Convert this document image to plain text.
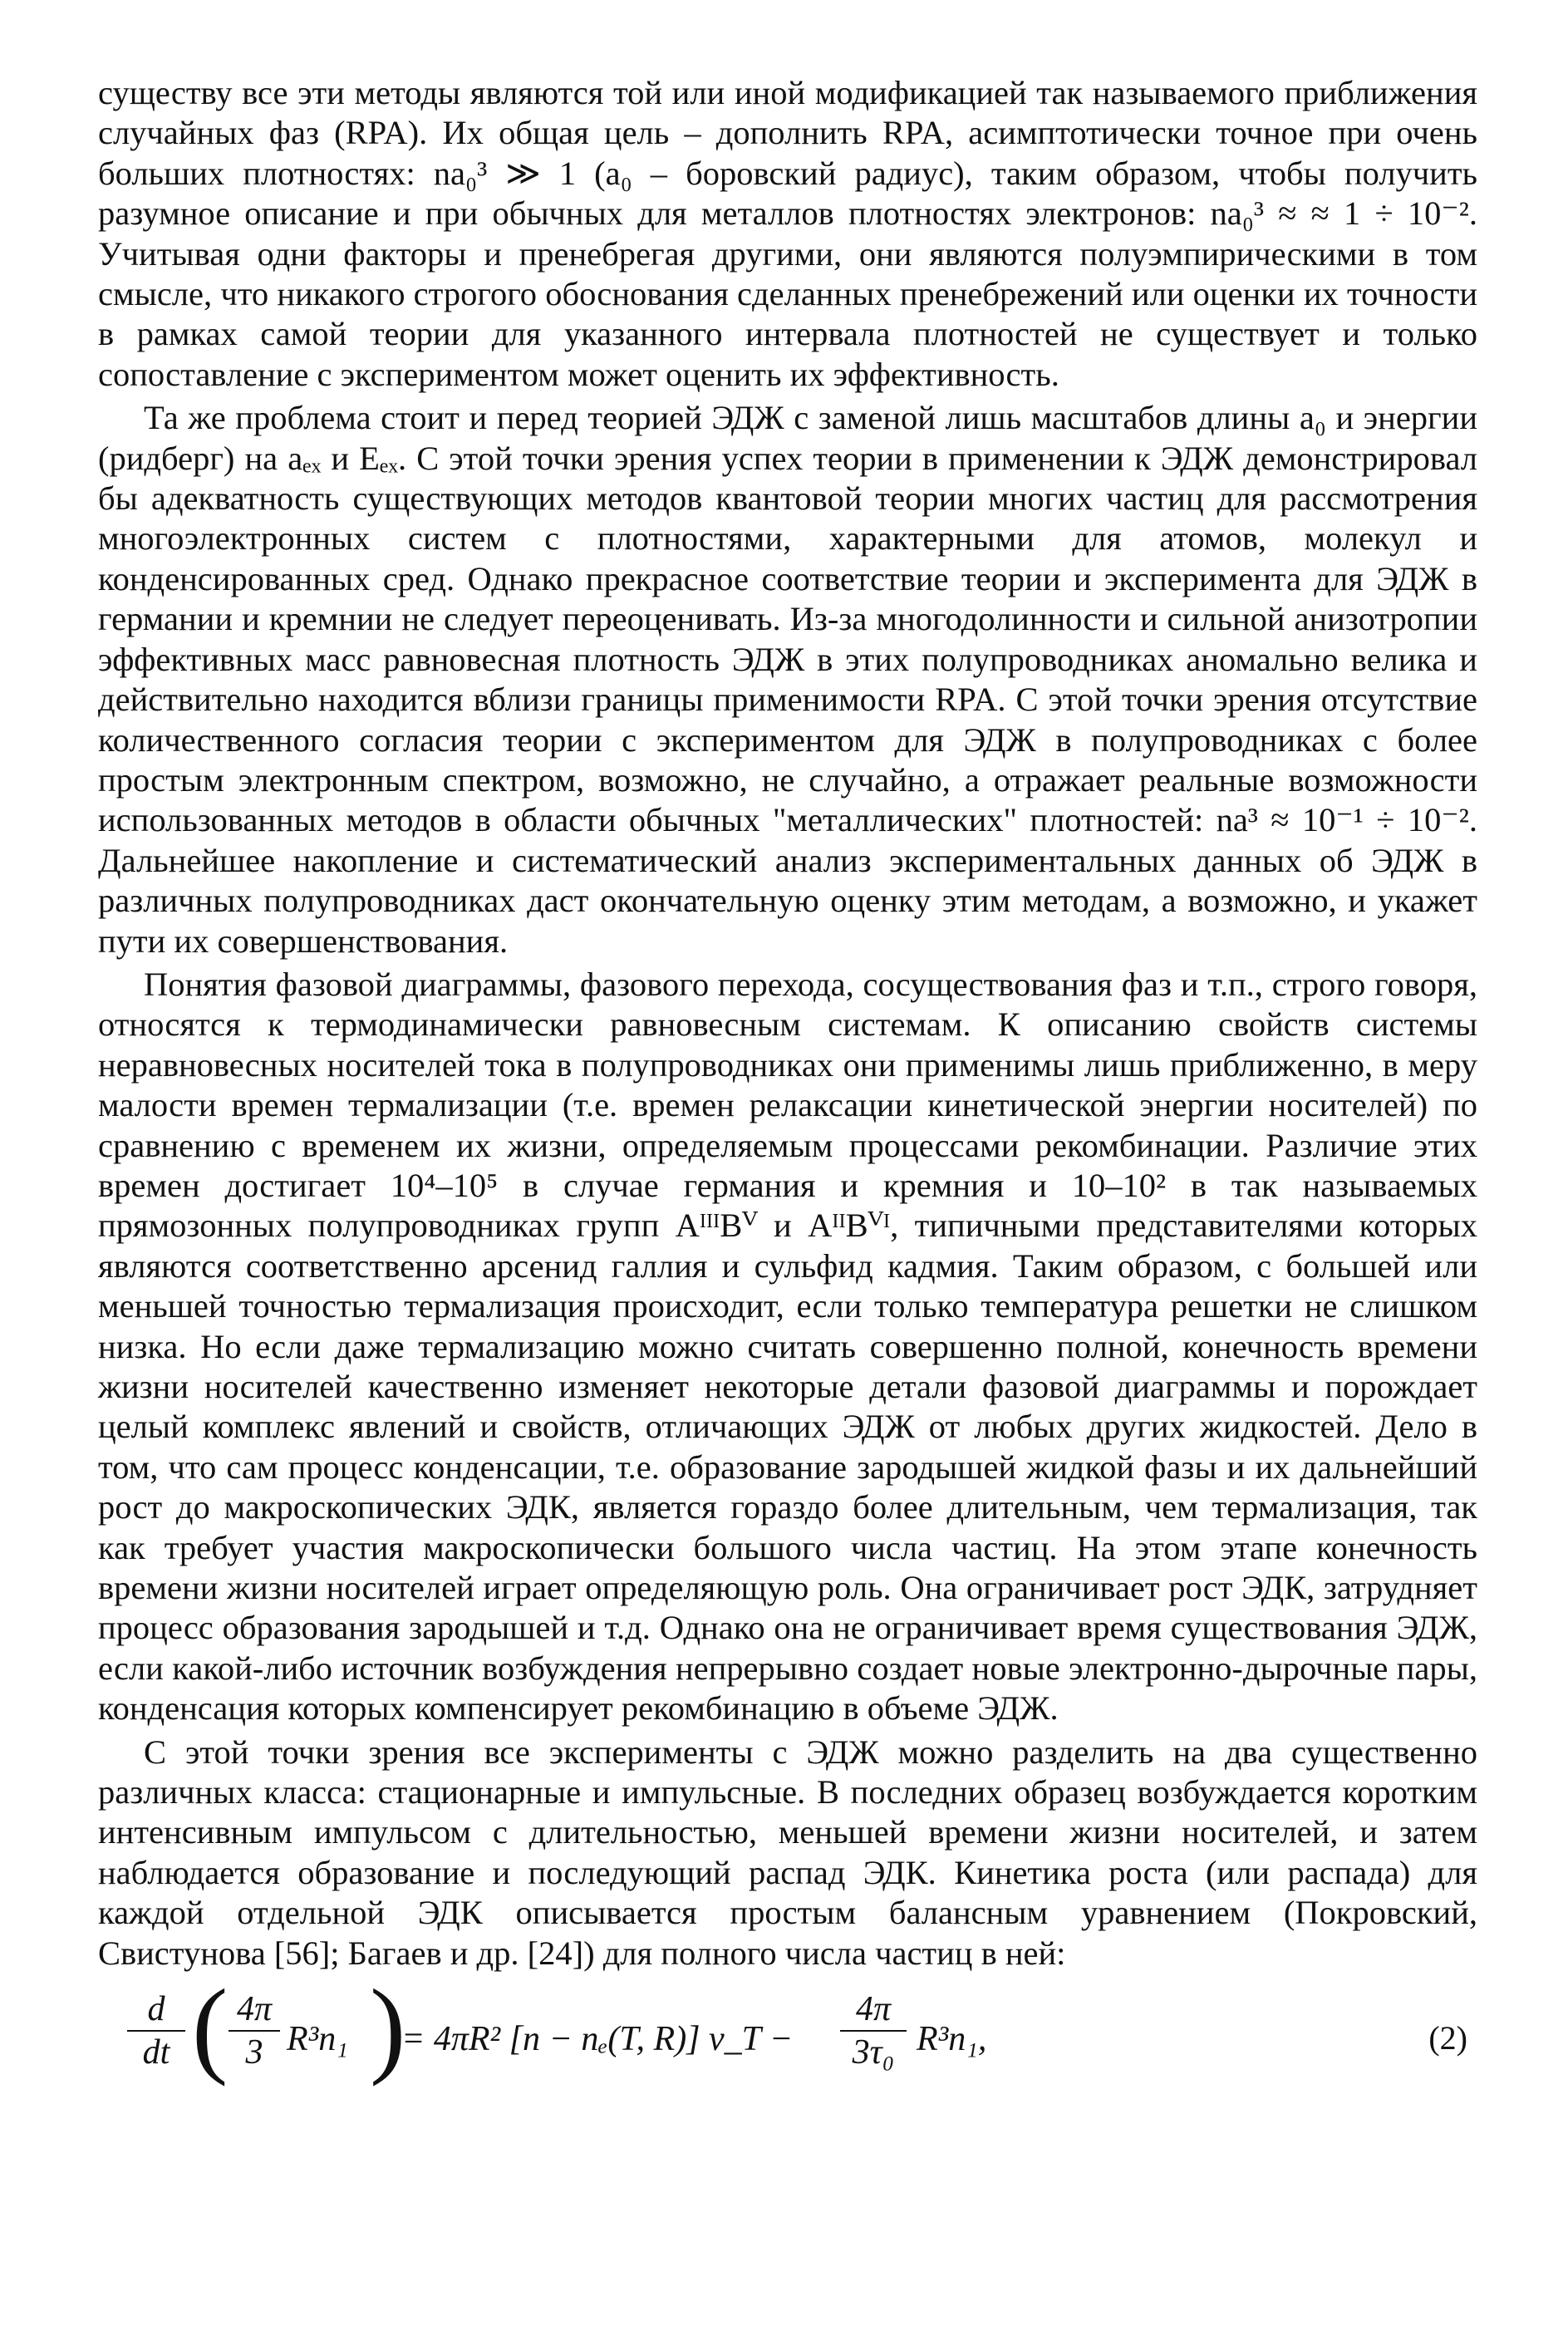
существу все эти методы являются той или иной модификацией так называемого приближения случайных фаз (RPA). Их общая цель – дополнить RPA, асимптотически точное при очень больших плотностях: na₀³ ≫ 1 (a₀ – боровский радиус), таким образом, чтобы получить разумное описание и при обычных для металлов плотностях электронов: na₀³ ≈ ≈ 1 ÷ 10⁻². Учитывая одни факторы и пренебрегая другими, они являются полуэмпирическими в том смысле, что никакого строгого обоснования сделанных пренебрежений или оценки их точности в рамках самой теории для указанного интервала плотностей не существует и только сопоставление с экспериментом может оценить их эффективность.

Та же проблема стоит и перед теорией ЭДЖ с заменой лишь масштабов длины a₀ и энергии (ридберг) на aₑₓ и Eₑₓ. С этой точки эрения успех теории в применении к ЭДЖ демонстрировал бы адекватность существующих методов квантовой теории многих частиц для рассмотрения многоэлектронных систем с плотностями, характерными для атомов, молекул и конденсированных сред. Однако прекрасное соответствие теории и эксперимента для ЭДЖ в германии и кремнии не следует переоценивать. Из-за многодолинности и сильной анизотропии эффективных масс равновесная плотность ЭДЖ в этих полупроводниках аномально велика и действительно находится вблизи границы применимости RPA. С этой точки эрения отсутствие количественного согласия теории с экспериментом для ЭДЖ в полупроводниках с более простым электронным спектром, возможно, не случайно, а отражает реальные возможности использованных методов в области обычных "металлических" плотностей: na³ ≈ 10⁻¹ ÷ 10⁻². Дальнейшее накопление и систематический анализ экспериментальных данных об ЭДЖ в различных полупроводниках даст окончательную оценку этим методам, а возможно, и укажет пути их совершенствования.

Понятия фазовой диаграммы, фазового перехода, сосуществования фаз и т.п., строго говоря, относятся к термодинамически равновесным системам. К описанию свойств системы неравновесных носителей тока в полупроводниках они применимы лишь приближенно, в меру малости времен термализации (т.е. времен релаксации кинетической энергии носителей) по сравнению с временем их жизни, определяемым процессами рекомбинации. Различие этих времен достигает 10⁴–10⁵ в случае германия и кремния и 10–10² в так называемых прямозонных полупроводниках групп AᴵᴵᴵBⱽ и AᴵᴵBⱽᴵ, типичными представителями которых являются соответственно арсенид галлия и сульфид кадмия. Таким образом, с большей или меньшей точностью термализация происходит, если только температура решетки не слишком низка. Но если даже термализацию можно считать совершенно полной, конечность времени жизни носителей качественно изменяет некоторые детали фазовой диаграммы и порождает целый комплекс явлений и свойств, отличающих ЭДЖ от любых других жидкостей. Дело в том, что сам процесс конденсации, т.е. образование зародышей жидкой фазы и их дальнейший рост до макроскопических ЭДК, является гораздо более длительным, чем термализация, так как требует участия макроскопически большого числа частиц. На этом этапе конечность времени жизни носителей играет определяющую роль. Она ограничивает рост ЭДК, затрудняет процесс образования зародышей и т.д. Однако она не ограничивает время существования ЭДЖ, если какой-либо источник возбуждения непрерывно создает новые электронно-дырочные пары, конденсация которых компенсирует рекомбинацию в объеме ЭДЖ.

С этой точки зрения все эксперименты с ЭДЖ можно разделить на два существенно различных класса: стационарные и импульсные. В последних образец возбуждается коротким интенсивным импульсом с длительностью, меньшей времени жизни носителей, и затем наблюдается образование и последующий распад ЭДК. Кинетика роста (или распада) для каждой отдельной ЭДК описывается простым балансным уравнением (Покровский, Свистунова [56]; Багаев и др. [24]) для полного числа частиц в ней:

$\frac{d}{dt}$ ( $\frac{4\pi}{3} R^3n_1$ )
= 4πR² [n − nₑ(T, R)] v_T − $\frac{4\pi}{\text{3τ₀}} R^3n_1$,	(2)
